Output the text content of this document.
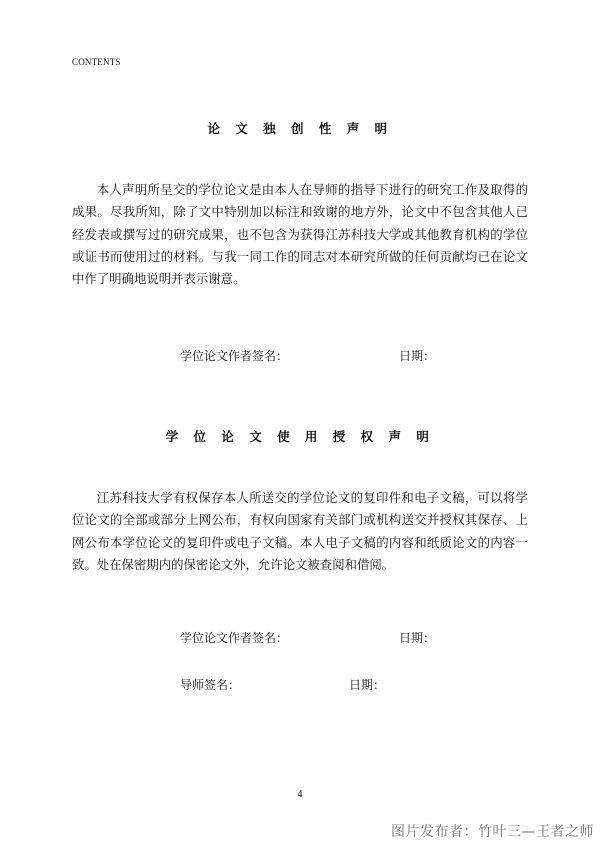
CONTENTS
论 文 独 创 性 声 明

本人声明所呈交的学位论文是由本人在导师的指导下进行的研究工作及取得的成果。尽我所知，除了文中特别加以标注和致谢的地方外，论文中不包含其他人已经发表或撰写过的研究成果，也不包含为获得江苏科技大学或其他教育机构的学位或证书而使用过的材料。与我一同工作的同志对本研究所做的任何贡献均已在论文中作了明确地说明并表示谢意。

学位论文作者签名：	日期：
学 位 论 文 使 用 授 权 声 明

江苏科技大学有权保存本人所送交的学位论文的复印件和电子文稿，可以将学位论文的全部或部分上网公布，有权向国家有关部门或机构送交并授权其保存、上网公布本学位论文的复印件或电子文稿。本人电子文稿的内容和纸质论文的内容一致。处在保密期内的保密论文外，允许论文被查阅和借阅。

学位论文作者签名：	日期：
导师签名：	日期：
4
图片发布者：竹叶三—王者之师
